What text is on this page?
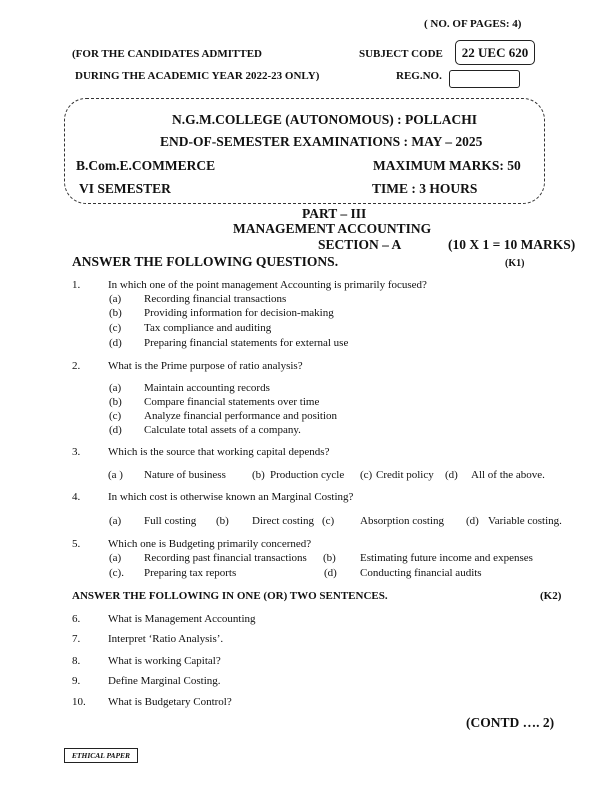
( NO. OF PAGES: 4)
(FOR THE CANDIDATES ADMITTED
DURING THE ACADEMIC YEAR 2022-23 ONLY)
SUBJECT CODE	22 UEC 620
REG.NO.
N.G.M.COLLEGE (AUTONOMOUS) : POLLACHI
END-OF-SEMESTER EXAMINATIONS : MAY – 2025
B.Com.E.COMMERCE	MAXIMUM MARKS: 50
VI SEMESTER	TIME : 3 HOURS
PART – III
MANAGEMENT ACCOUNTING
SECTION – A	(10 X 1 = 10 MARKS)
ANSWER THE FOLLOWING QUESTIONS.	(K1)
1.	In which one of the point management Accounting is primarily focused?
(a) Recording financial transactions
(b) Providing information for decision-making
(c) Tax compliance and auditing
(d) Preparing financial statements for external use
2.	What is the Prime purpose of ratio analysis?
(a) Maintain accounting records
(b) Compare financial statements over time
(c) Analyze financial performance and position
(d) Calculate total assets of a company.
3.	Which is the source that working capital depends?
(a ) Nature of business (b) Production cycle (c) Credit policy (d) All of the above.
4.	In which cost is otherwise known an Marginal Costing?
(a) Full costing (b) Direct costing (c) Absorption costing (d) Variable costing.
5.	Which one is Budgeting primarily concerned?
(a) Recording past financial transactions (b) Estimating future income and expenses
(c). Preparing tax reports	(d) Conducting financial audits
ANSWER THE FOLLOWING IN ONE (OR) TWO SENTENCES.	(K2)
6.	What is Management Accounting
7.	Interpret ‘Ratio Analysis’.
8.	What is working Capital?
9.	Define Marginal Costing.
10. What is Budgetary Control?
(CONTD …. 2)
ETHICAL PAPER
